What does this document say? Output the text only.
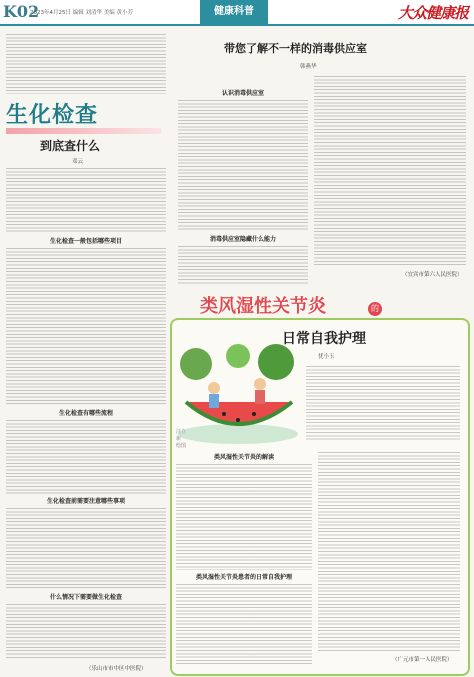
K02
2023年4月25日 编辑 刘清华 美编 黄小芳	健康科普	大众健康报
带您了解不一样的消毒供应室
韩燕华
认识消毒供应室
消毒供应室隐藏什么能力
（宜宾市第六人民医院）
生化检查
到底查什么
邓云
生化检查一般包括哪些项目
生化检查有哪些流程
生化检查前需要注意哪些事项
什么情况下需要做生化检查
（乐山市市中区中医院）
类风湿性关节炎	的
日常自我护理
忧小玉
汪立新 绘图
类风湿性关节炎的解读
类风湿性关节炎患者的日常自我护理
（广元市第一人民医院）
